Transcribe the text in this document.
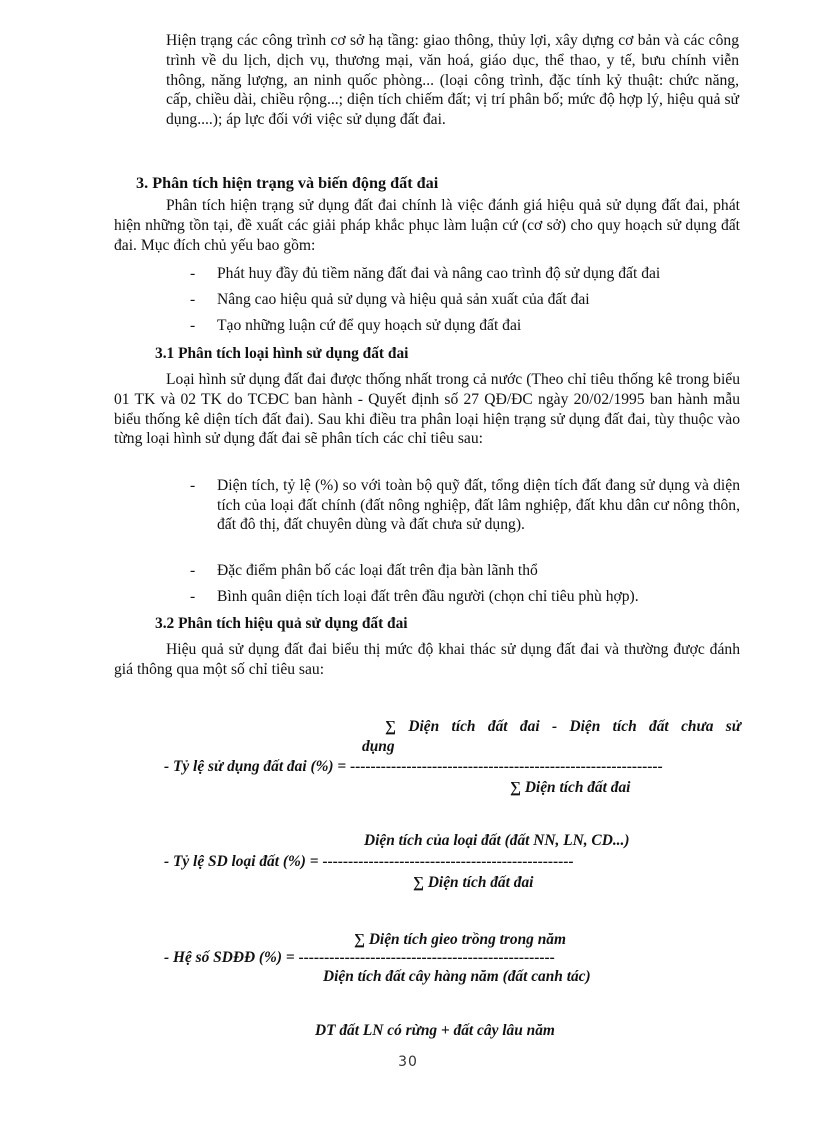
Hiện trạng các công trình cơ sở hạ tầng: giao thông, thủy lợi, xây dựng cơ bản và các công trình về du lịch, dịch vụ, thương mại, văn hoá, giáo dục, thể thao, y tế, bưu chính viễn thông, năng lượng, an ninh quốc phòng... (loại công trình, đặc tính kỷ thuật: chức năng, cấp, chiều dài, chiều rộng...; diện tích chiếm đất; vị trí phân bố; mức độ hợp lý, hiệu quả sử dụng....); áp lực đối với việc sử dụng đất đai.
3. Phân tích hiện trạng và biến động đất đai
Phân tích hiện trạng sử dụng đất đai chính là việc đánh giá hiệu quả sử dụng đất đai, phát hiện những tồn tại, đề xuất các giải pháp khắc phục làm luận cứ (cơ sở) cho quy hoạch sử dụng đất đai. Mục đích chủ yếu bao gồm:
-	Phát huy đầy đủ tiềm năng đất đai và nâng cao trình độ sử dụng đất đai
-	Nâng cao hiệu quả sử dụng và hiệu quả sản xuất của đất đai
-	Tạo những luận cứ để quy hoạch sử dụng đất đai
3.1 Phân tích loại hình sử dụng đất đai
Loại hình sử dụng đất đai được thống nhất trong cả nước (Theo chỉ tiêu thống kê trong biểu 01 TK và 02 TK do TCĐC ban hành - Quyết định số 27 QĐ/ĐC ngày 20/02/1995 ban hành mẫu biểu thống kê diện tích đất đai). Sau khi điều tra phân loại hiện trạng sử dụng đất đai, tùy thuộc vào từng loại hình sử dụng đất đai sẽ phân tích các chỉ tiêu sau:
-	Diện tích, tỷ lệ (%) so với toàn bộ quỹ đất, tổng diện tích đất đang sử dụng và diện tích của loại đất chính (đất nông nghiệp, đất lâm nghiệp, đất khu dân cư nông thôn, đất đô thị, đất chuyên dùng và đất chưa sử dụng).
-	Đặc điểm phân bố các loại đất trên địa bàn lãnh thổ
-	Bình quân diện tích loại đất trên đầu người (chọn chỉ tiêu phù hợp).
3.2 Phân tích hiệu quả sử dụng đất đai
Hiệu quả sử dụng đất đai biểu thị mức độ khai thác sử dụng đất đai và thường được đánh giá thông qua một số chỉ tiêu sau:
∑ Diện tích đất đai - Diện tích đất chưa sử
dụng
- Tỷ lệ sử dụng đất đai (%) = -------------------------------------------------------------
∑ Diện tích đất đai
Diện tích của loại đất (đất NN, LN, CD...)
- Tỷ lệ SD loại đất (%) = -------------------------------------------------
∑ Diện tích đất đai
∑ Diện tích gieo trồng trong năm
- Hệ số SDĐĐ (%) = --------------------------------------------------
Diện tích đất cây hàng năm (đất canh tác)
DT đất LN có rừng + đất cây lâu năm
30
